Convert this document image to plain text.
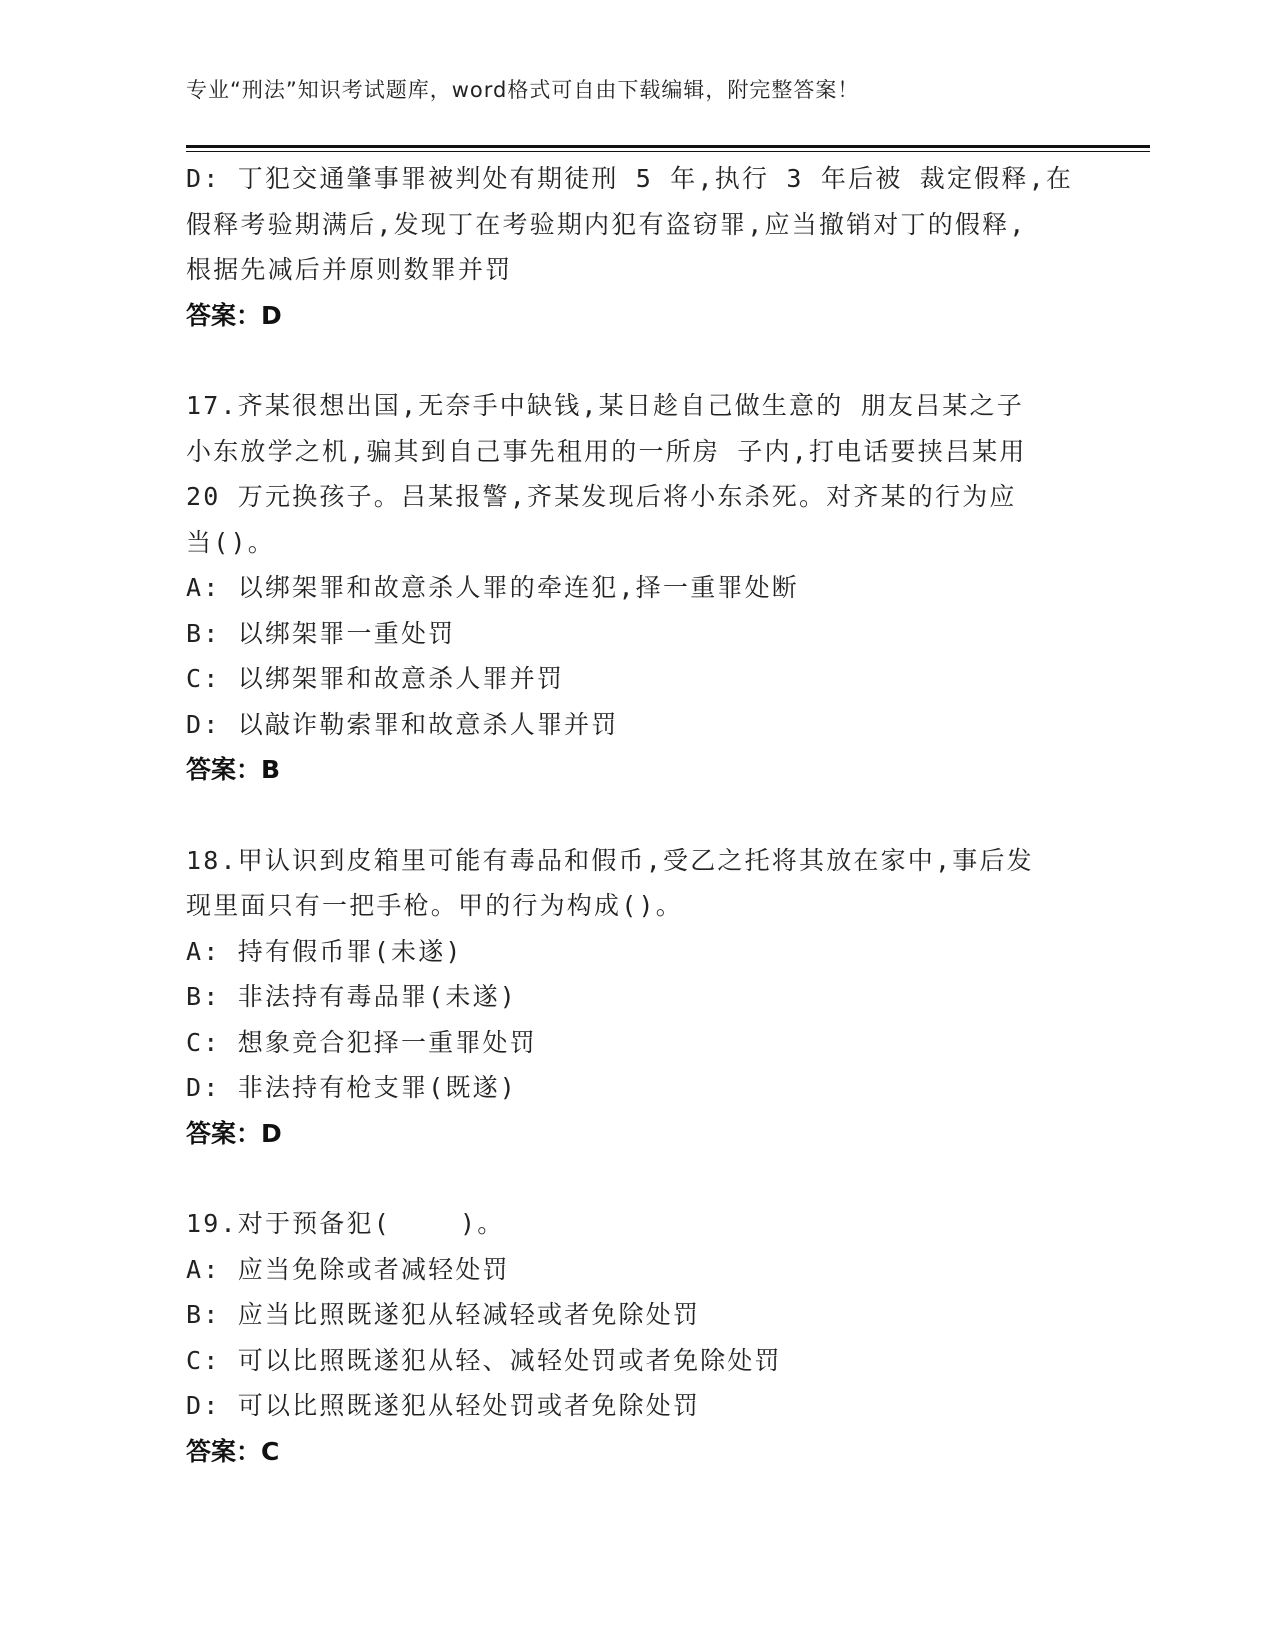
专业“刑法”知识考试题库，word格式可自由下载编辑，附完整答案！
D: 丁犯交通肇事罪被判处有期徒刑 5 年,执行 3 年后被 裁定假释,在
假释考验期满后,发现丁在考验期内犯有盗窃罪,应当撤销对丁的假释,
根据先减后并原则数罪并罚
答案：D
17.齐某很想出国,无奈手中缺钱,某日趁自己做生意的 朋友吕某之子
小东放学之机,骗其到自己事先租用的一所房 子内,打电话要挟吕某用
20 万元换孩子。吕某报警,齐某发现后将小东杀死。对齐某的行为应
当()。
A: 以绑架罪和故意杀人罪的牵连犯,择一重罪处断
B: 以绑架罪一重处罚
C: 以绑架罪和故意杀人罪并罚
D: 以敲诈勒索罪和故意杀人罪并罚
答案：B
18.甲认识到皮箱里可能有毒品和假币,受乙之托将其放在家中,事后发
现里面只有一把手枪。甲的行为构成()。
A: 持有假币罪(未遂)
B: 非法持有毒品罪(未遂)
C: 想象竞合犯择一重罪处罚
D: 非法持有枪支罪(既遂)
答案：D
19.对于预备犯(    )。
A: 应当免除或者减轻处罚
B: 应当比照既遂犯从轻减轻或者免除处罚
C: 可以比照既遂犯从轻、减轻处罚或者免除处罚
D: 可以比照既遂犯从轻处罚或者免除处罚
答案：C
